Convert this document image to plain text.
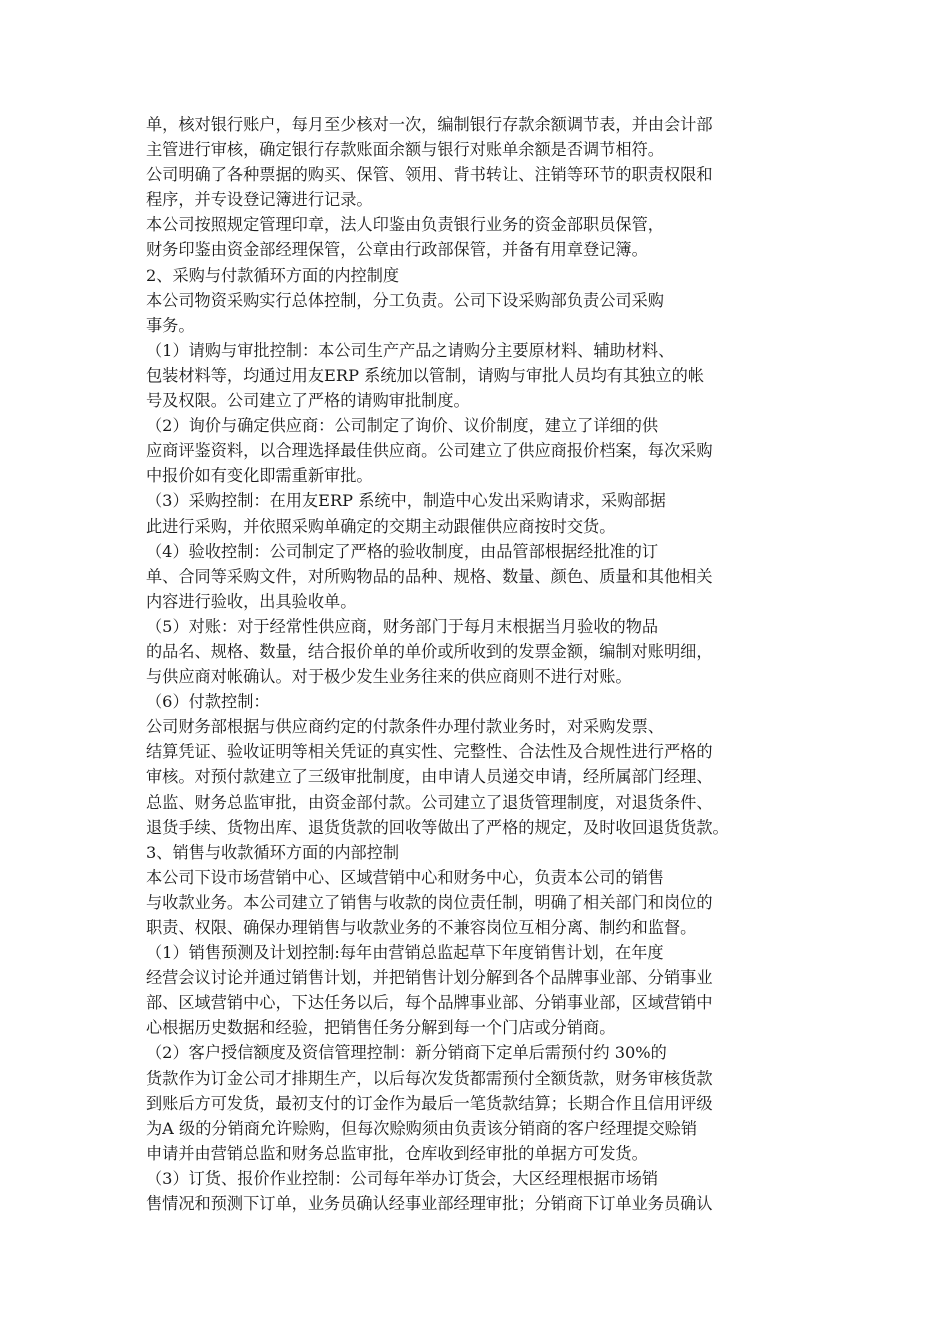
单，核对银行账户，每月至少核对一次，编制银行存款余额调节表，并由会计部
主管进行审核，确定银行存款账面余额与银行对账单余额是否调节相符。
公司明确了各种票据的购买、保管、领用、背书转让、注销等环节的职责权限和
程序，并专设登记簿进行记录。
本公司按照规定管理印章，法人印鉴由负责银行业务的资金部职员保管，
财务印鉴由资金部经理保管，公章由行政部保管，并备有用章登记簿。
2、采购与付款循环方面的内控制度
本公司物资采购实行总体控制，分工负责。公司下设采购部负责公司采购
事务。
（1）请购与审批控制：本公司生产产品之请购分主要原材料、辅助材料、
包装材料等，均通过用友ERP 系统加以管制，请购与审批人员均有其独立的帐
号及权限。公司建立了严格的请购审批制度。
（2）询价与确定供应商：公司制定了询价、议价制度，建立了详细的供
应商评鉴资料，以合理选择最佳供应商。公司建立了供应商报价档案，每次采购
中报价如有变化即需重新审批。
（3）采购控制：在用友ERP 系统中，制造中心发出采购请求，采购部据
此进行采购，并依照采购单确定的交期主动跟催供应商按时交货。
（4）验收控制：公司制定了严格的验收制度，由品管部根据经批准的订
单、合同等采购文件，对所购物品的品种、规格、数量、颜色、质量和其他相关
内容进行验收，出具验收单。
（5）对账：对于经常性供应商，财务部门于每月末根据当月验收的物品
的品名、规格、数量，结合报价单的单价或所收到的发票金额，编制对账明细，
与供应商对帐确认。对于极少发生业务往来的供应商则不进行对账。
（6）付款控制：
公司财务部根据与供应商约定的付款条件办理付款业务时，对采购发票、
结算凭证、验收证明等相关凭证的真实性、完整性、合法性及合规性进行严格的
审核。对预付款建立了三级审批制度，由申请人员递交申请，经所属部门经理、
总监、财务总监审批，由资金部付款。公司建立了退货管理制度，对退货条件、
退货手续、货物出库、退货货款的回收等做出了严格的规定，及时收回退货货款。
3、销售与收款循环方面的内部控制
本公司下设市场营销中心、区域营销中心和财务中心，负责本公司的销售
与收款业务。本公司建立了销售与收款的岗位责任制，明确了相关部门和岗位的
职责、权限、确保办理销售与收款业务的不兼容岗位互相分离、制约和监督。
（1）销售预测及计划控制:每年由营销总监起草下年度销售计划，在年度
经营会议讨论并通过销售计划，并把销售计划分解到各个品牌事业部、分销事业
部、区域营销中心，下达任务以后，每个品牌事业部、分销事业部，区域营销中
心根据历史数据和经验，把销售任务分解到每一个门店或分销商。
（2）客户授信额度及资信管理控制：新分销商下定单后需预付约 30%的
货款作为订金公司才排期生产，以后每次发货都需预付全额货款，财务审核货款
到账后方可发货，最初支付的订金作为最后一笔货款结算；长期合作且信用评级
为A 级的分销商允许赊购，但每次赊购须由负责该分销商的客户经理提交赊销
申请并由营销总监和财务总监审批，仓库收到经审批的单据方可发货。
（3）订货、报价作业控制：公司每年举办订货会，大区经理根据市场销
售情况和预测下订单，业务员确认经事业部经理审批；分销商下订单业务员确认
